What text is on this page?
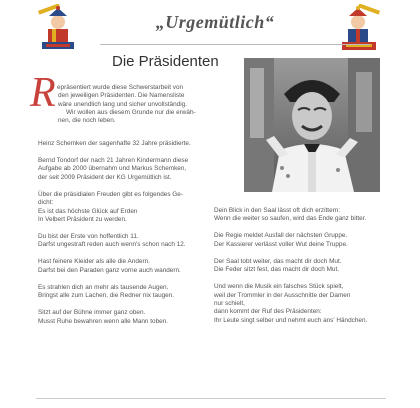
„Urgemütlich“
Die Präsidenten
R epräsentiert wurde diese Schwerstarbeit von
den jeweiligen Präsidenten. Die Namensliste
wäre unendlich lang und sicher unvollständig.
Wir wollen aus diesem Grunde nur die erwäh-
nen, die noch leben.
Heinz Schemken der sagenhafte 32 Jahre präsidierte.
Bernd Tondorf der nach 21 Jahren Kindermann diese
Aufgabe ab 2000 übernahm und Markus Schemken,
der seit 2009 Präsident der KG Urgemütlich ist.
Über die präsidialen Freuden gibt es folgendes Ge-
dicht:
Es ist das höchste Glück auf Erden
In Velbert Präsident zu werden.
Du bist der Erste von hoffentlich 11.
Darfst ungestraft reden auch wenn's schon nach 12.
Hast feinere Kleider als alle die Andern.
Darfst bei den Paraden ganz vorne auch wandern.
Es strahlen dich an mehr als tausende Augen.
Bringst alle zum Lachen, die Redner nix taugen.
Sitzt auf der Bühne immer ganz oben.
Musst Ruhe bewahren wenn alle Mann toben.
Dein Blick in den Saal lässt oft dich erzittern:
Wenn die weiter so saufen, wird das Ende ganz bitter.
Die Regie meldet Ausfall der nächsten Gruppe.
Der Kassierer verlässt voller Wut deine Truppe.
Der Saal tobt weiter, das macht dir doch Mut.
Die Feder sitzt fest, das macht dir doch Mut.
Und wenn die Musik ein falsches Stück spielt,
weil der Trommler in der Ausschnitte der Damen
nur schielt,
dann kommt der Ruf des Präsidenten:
Ihr Leute singt selber und nehmt euch ans' Händchen.
